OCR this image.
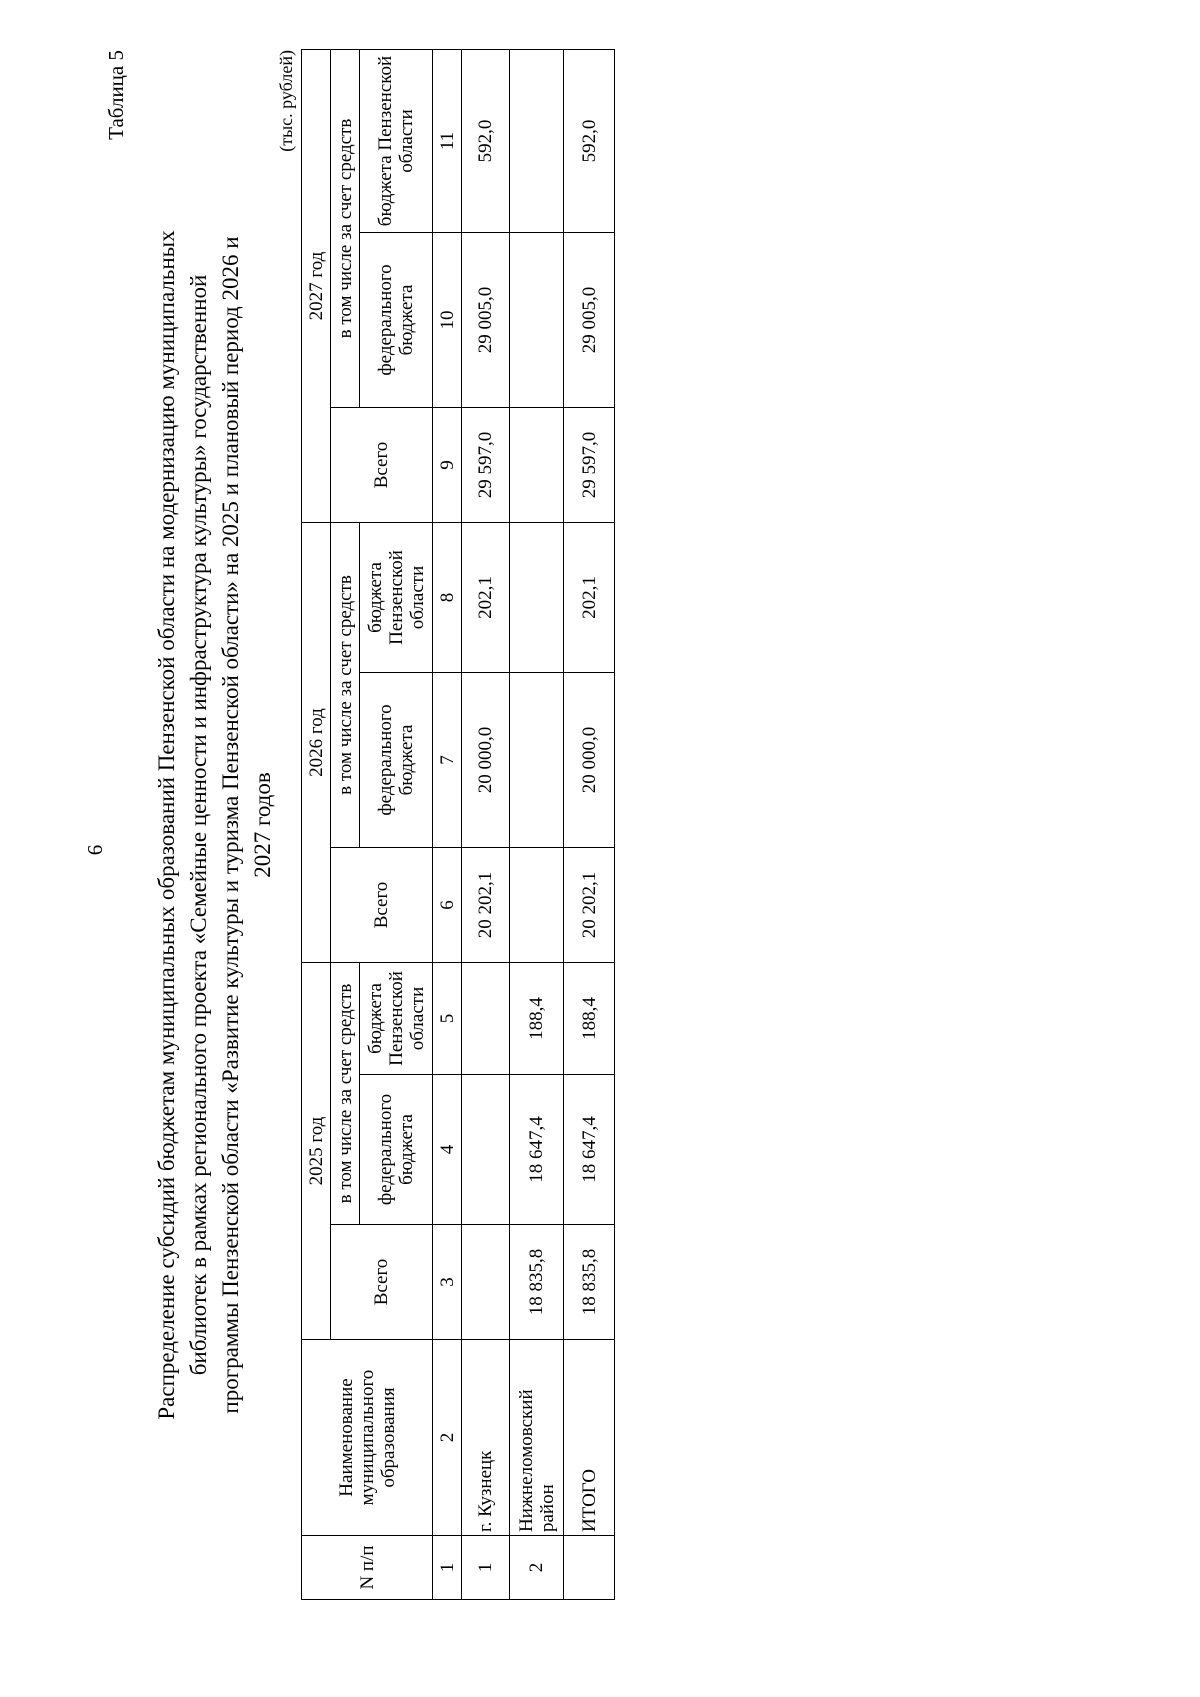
6
Таблица 5
Распределение субсидий бюджетам муниципальных образований Пензенской области на модернизацию муниципальных библиотек в рамках регионального проекта «Семейные ценности и инфраструктура культуры» государственной программы Пензенской области «Развитие культуры и туризма Пензенской области» на 2025 и плановый период 2026 и 2027 годов
(тыс. рублей)
N п/п	Наименование муниципального образования	2025 год			2026 год			2027 год		
		Всего	в том числе за счет средств		Всего	в том числе за счет средств		Всего	в том числе за счет средств	
			федерального бюджета	бюджета Пензенской области		федерального бюджета	бюджета Пензенской области		федерального бюджета	бюджета Пензенской области
1	2	3	4	5	6	7	8	9	10	11
1	г. Кузнецк				20 202,1	20 000,0	202,1	29 597,0	29 005,0	592,0
2	Нижнеломовский район	18 835,8	18 647,4	188,4						
	ИТОГО	18 835,8	18 647,4	188,4	20 202,1	20 000,0	202,1	29 597,0	29 005,0	592,0
